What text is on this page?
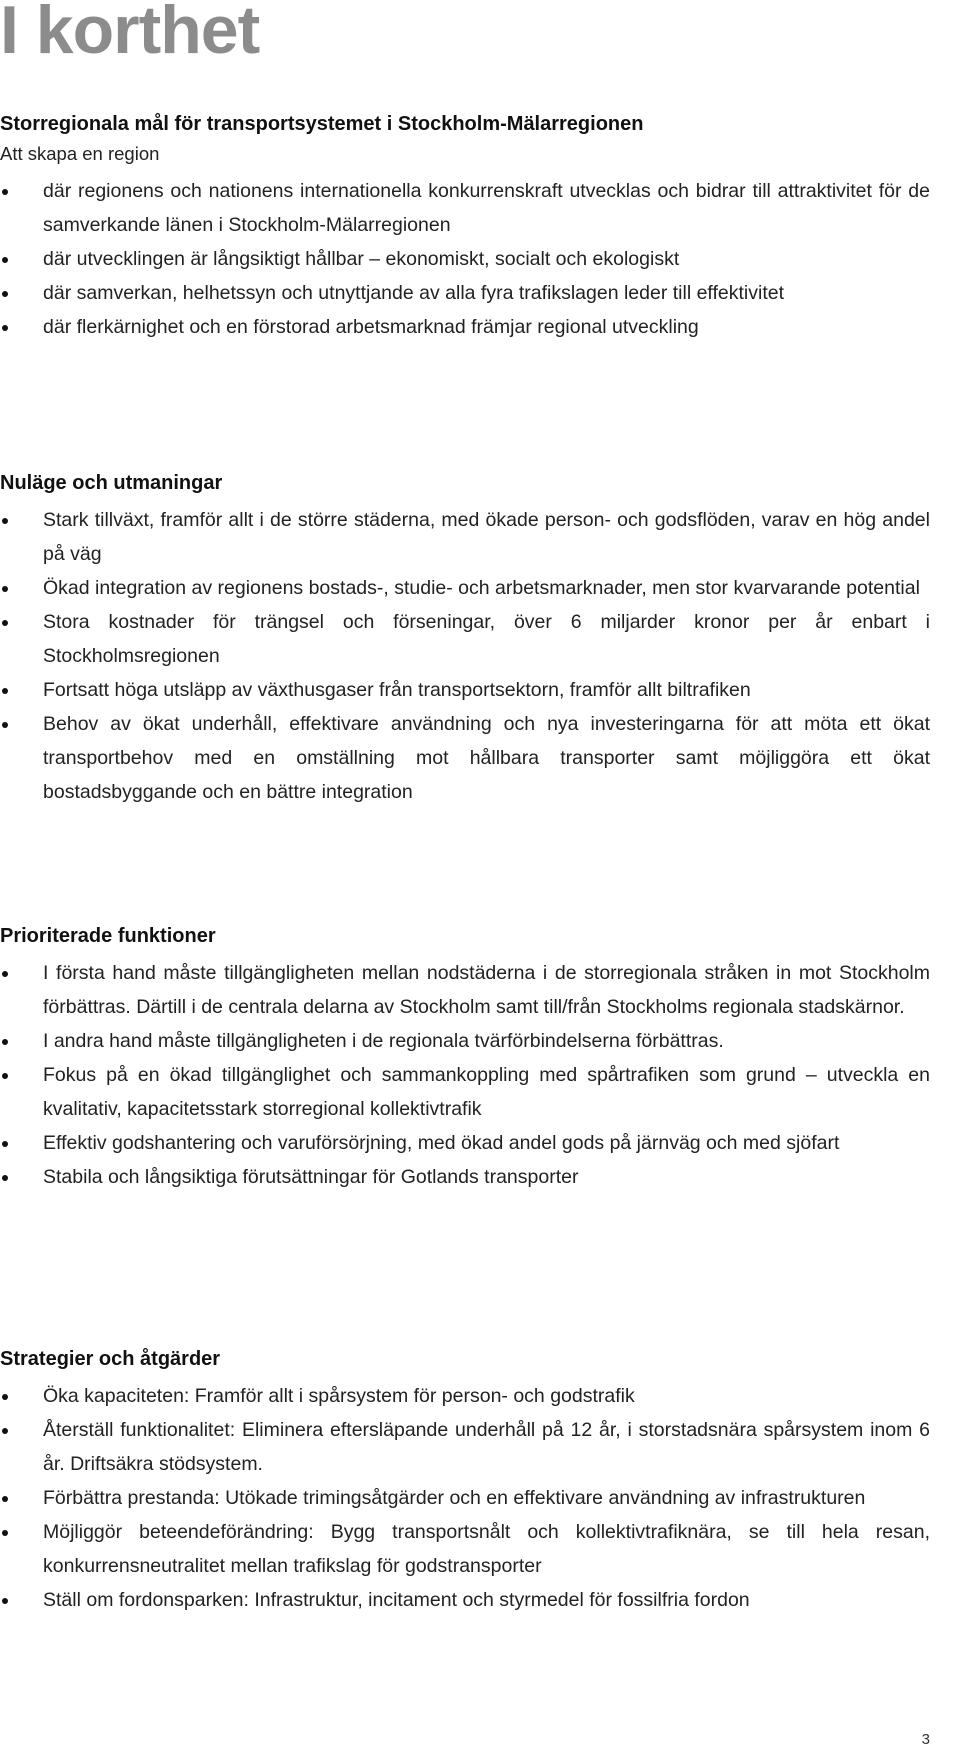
I korthet
Storregionala mål för transportsystemet i Stockholm-Mälarregionen
Att skapa en region
där regionens och nationens internationella konkurrenskraft utvecklas och bidrar till attraktivitet för de samverkande länen i Stockholm-Mälarregionen
där utvecklingen är långsiktigt hållbar – ekonomiskt, socialt och ekologiskt
där samverkan, helhetssyn och utnyttjande av alla fyra trafikslagen leder till effektivitet
där flerkärnighet och en förstorad arbetsmarknad främjar regional utveckling
Nuläge och utmaningar
Stark tillväxt, framför allt i de större städerna, med ökade person- och godsflöden, varav en hög andel på väg
Ökad integration av regionens bostads-, studie- och arbetsmarknader, men stor kvarvarande potential
Stora kostnader för trängsel och förseningar, över 6 miljarder kronor per år enbart i Stockholmsregionen
Fortsatt höga utsläpp av växthusgaser från transportsektorn, framför allt biltrafiken
Behov av ökat underhåll, effektivare användning och nya investeringarna för att möta ett ökat transportbehov med en omställning mot hållbara transporter samt möjliggöra ett ökat bostadsbyggande och en bättre integration
Prioriterade funktioner
I första hand måste tillgängligheten mellan nodstäderna i de storregionala stråken in mot Stockholm förbättras. Därtill i de centrala delarna av Stockholm samt till/från Stockholms regionala stadskärnor.
I andra hand måste tillgängligheten i de regionala tvärförbindelserna förbättras.
Fokus på en ökad tillgänglighet och sammankoppling med spårtrafiken som grund – utveckla en kvalitativ, kapacitetsstark storregional kollektivtrafik
Effektiv godshantering och varuförsörjning, med ökad andel gods på järnväg och med sjöfart
Stabila och långsiktiga förutsättningar för Gotlands transporter
Strategier och åtgärder
Öka kapaciteten: Framför allt i spårsystem för person- och godstrafik
Återställ funktionalitet: Eliminera eftersläpande underhåll på 12 år, i storstadsnära spårsystem inom 6 år. Driftsäkra stödsystem.
Förbättra prestanda: Utökade trimingsåtgärder och en effektivare användning av infrastrukturen
Möjliggör beteendeförändring: Bygg transportsnålt och kollektivtrafiknära, se till hela resan, konkurrensneutralitet mellan trafikslag för godstransporter
Ställ om fordonsparken: Infrastruktur, incitament och styrmedel för fossilfria fordon
3
